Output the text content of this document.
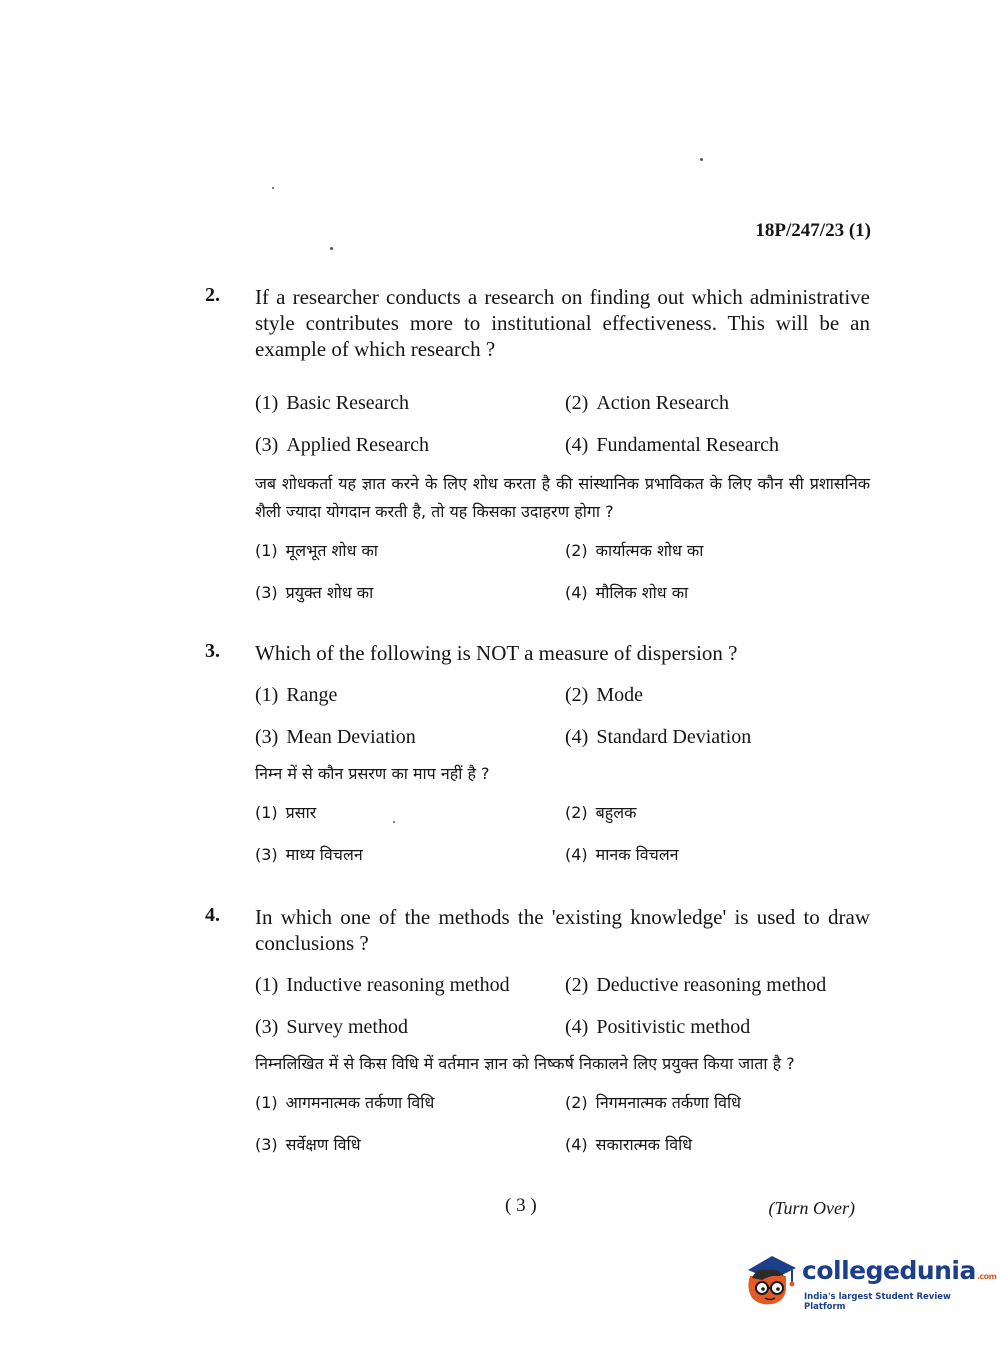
18P/247/23 (1)
2. If a researcher conducts a research on finding out which administrative style contributes more to institutional effectiveness. This will be an example of which research ?
(1) Basic Research	(2) Action Research
(3) Applied Research	(4) Fundamental Research
जब शोधकर्ता यह ज्ञात करने के लिए शोध करता है की सांस्थानिक प्रभाविकत के लिए कौन सी प्रशासनिक शैली ज्यादा योगदान करती है, तो यह किसका उदाहरण होगा ?
(1) मूलभूत शोध का	(2) कार्यात्मक शोध का
(3) प्रयुक्त शोध का	(4) मौलिक शोध का
3. Which of the following is NOT a measure of dispersion ?
(1) Range	(2) Mode
(3) Mean Deviation	(4) Standard Deviation
निम्न में से कौन प्रसरण का माप नहीं है ?
(1) प्रसार	(2) बहुलक
(3) माध्य विचलन	(4) मानक विचलन
4. In which one of the methods the 'existing knowledge' is used to draw conclusions ?
(1) Inductive reasoning method	(2) Deductive reasoning method
(3) Survey method	(4) Positivistic method
निम्नलिखित में से किस विधि में वर्तमान ज्ञान को निष्कर्ष निकालने लिए प्रयुक्त किया जाता है ?
(1) आगमनात्मक तर्कणा विधि	(2) निगमनात्मक तर्कणा विधि
(3) सर्वेक्षण विधि	(4) सकारात्मक विधि
( 3 )	(Turn Over)
collegedunia.com
India's largest Student Review Platform
